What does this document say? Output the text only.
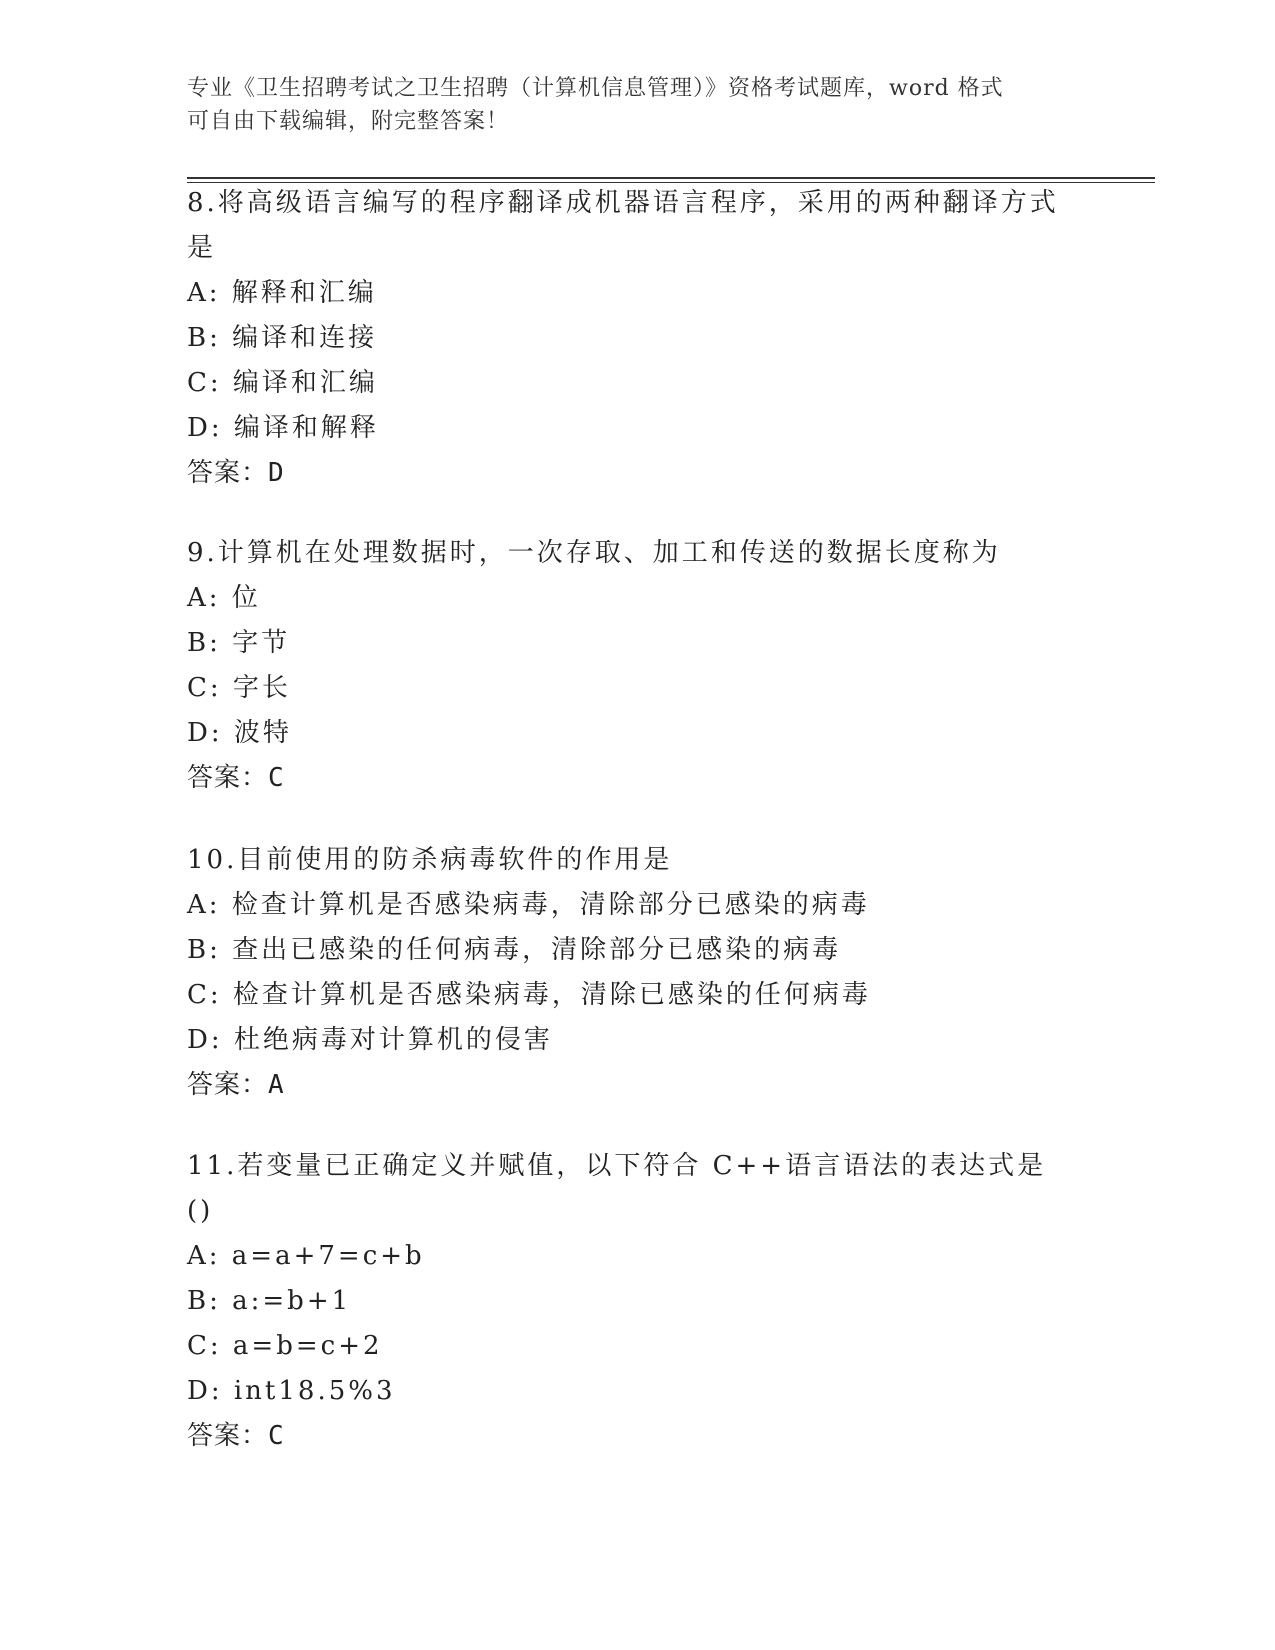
专业《卫生招聘考试之卫生招聘（计算机信息管理）》资格考试题库，word 格式
可自由下载编辑，附完整答案！
8.将高级语言编写的程序翻译成机器语言程序，采用的两种翻译方式
是
A: 解释和汇编
B: 编译和连接
C: 编译和汇编
D: 编译和解释
答案：D
9.计算机在处理数据时，一次存取、加工和传送的数据长度称为
A: 位
B: 字节
C: 字长
D: 波特
答案：C
10.目前使用的防杀病毒软件的作用是
A: 检查计算机是否感染病毒，清除部分已感染的病毒
B: 查出已感染的任何病毒，清除部分已感染的病毒
C: 检查计算机是否感染病毒，清除已感染的任何病毒
D: 杜绝病毒对计算机的侵害
答案：A
11.若变量已正确定义并赋值，以下符合 C++语言语法的表达式是()
A: a=a+7=c+b
B: a:=b+1
C: a=b=c+2
D: int18.5%3
答案：C
